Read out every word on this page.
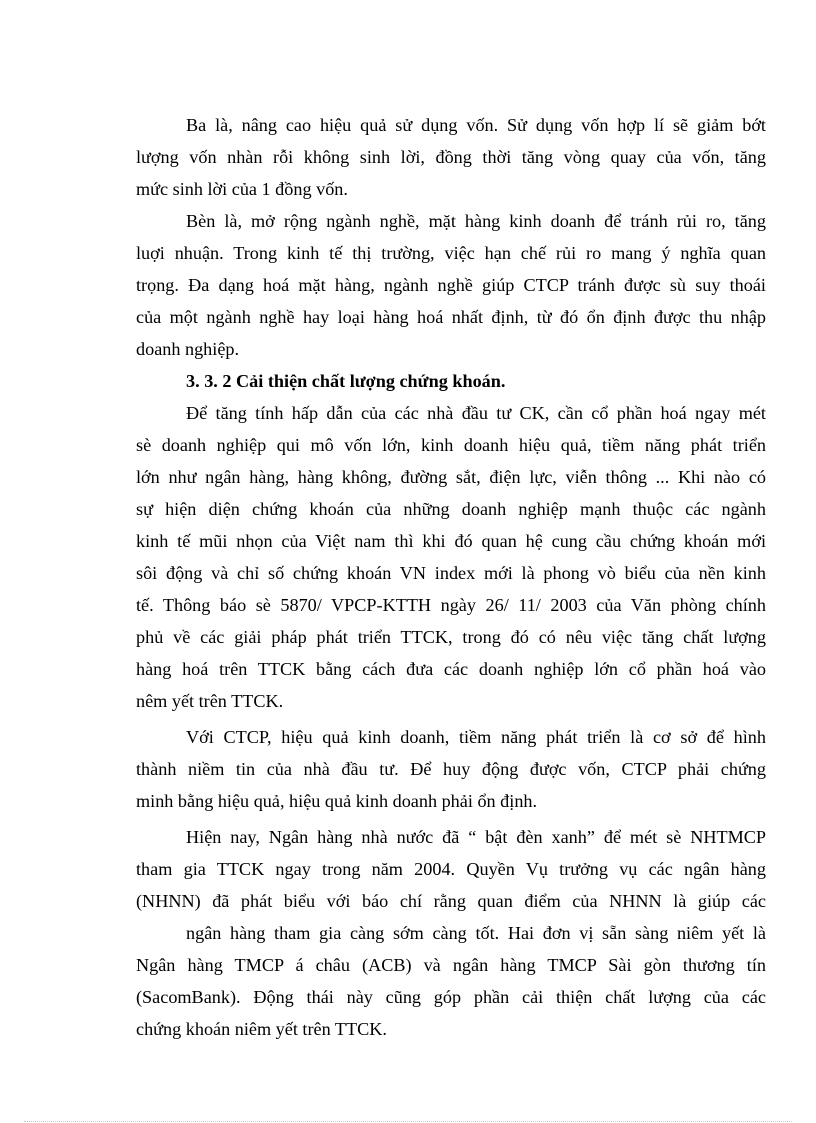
Ba là, nâng cao hiệu quả sử dụng vốn. Sử dụng vốn hợp lí sẽ giảm bớt
lượng vốn nhàn rỗi không sinh lời, đồng thời tăng vòng quay của vốn, tăng
mức sinh lời của 1 đồng vốn.
Bèn là, mở rộng ngành nghề, mặt hàng kinh doanh để tránh rủi ro, tăng
luợi nhuận. Trong kinh tế thị trường, việc hạn chế rủi ro mang ý nghĩa quan
trọng. Đa dạng hoá mặt hàng, ngành nghề giúp CTCP tránh được sù suy thoái
của một ngành nghề hay loại hàng hoá nhất định, từ đó ổn định được thu nhập
doanh nghiệp.
3. 3. 2 Cải thiện chất lượng chứng khoán.
Để tăng tính hấp dẫn của các nhà đầu tư CK, cần cổ phần hoá ngay mét
sè doanh nghiệp qui mô vốn lớn, kinh doanh hiệu quả, tiềm năng phát triển
lớn như ngân hàng, hàng không, đường sắt, điện lực, viễn thông ... Khi nào có
sự hiện diện chứng khoán của những doanh nghiệp mạnh thuộc các ngành
kinh tế mũi nhọn của Việt nam thì khi đó quan hệ cung cầu chứng khoán mới
sôi động và chỉ số chứng khoán VN index mới là phong vò biểu của nền kinh
tế. Thông báo sè 5870/ VPCP-KTTH ngày 26/ 11/ 2003 của Văn phòng chính
phủ về các giải pháp phát triển TTCK, trong đó có nêu việc tăng chất lượng
hàng hoá trên TTCK bằng cách đưa các doanh nghiệp lớn cổ phần hoá vào
nêm yết trên TTCK.
Với CTCP, hiệu quả kinh doanh, tiềm năng phát triển là cơ sở để hình
thành niềm tin của nhà đầu tư. Để huy động được vốn, CTCP phải chứng
minh bằng hiệu quả, hiệu quả kinh doanh phải ổn định.
Hiện nay, Ngân hàng nhà nước đã “ bật đèn xanh” để mét sè NHTMCP
tham gia TTCK ngay trong năm 2004. Quyền Vụ trưởng vụ các ngân hàng
(NHNN) đã phát biểu với báo chí rằng quan điểm của NHNN là giúp các
ngân hàng tham gia càng sớm càng tốt. Hai đơn vị sẵn sàng niêm yết là
Ngân hàng TMCP á châu (ACB) và ngân hàng TMCP Sài gòn thương tín
(SacomBank). Động thái này cũng góp phần cải thiện chất lượng của các
chứng khoán niêm yết trên TTCK.
